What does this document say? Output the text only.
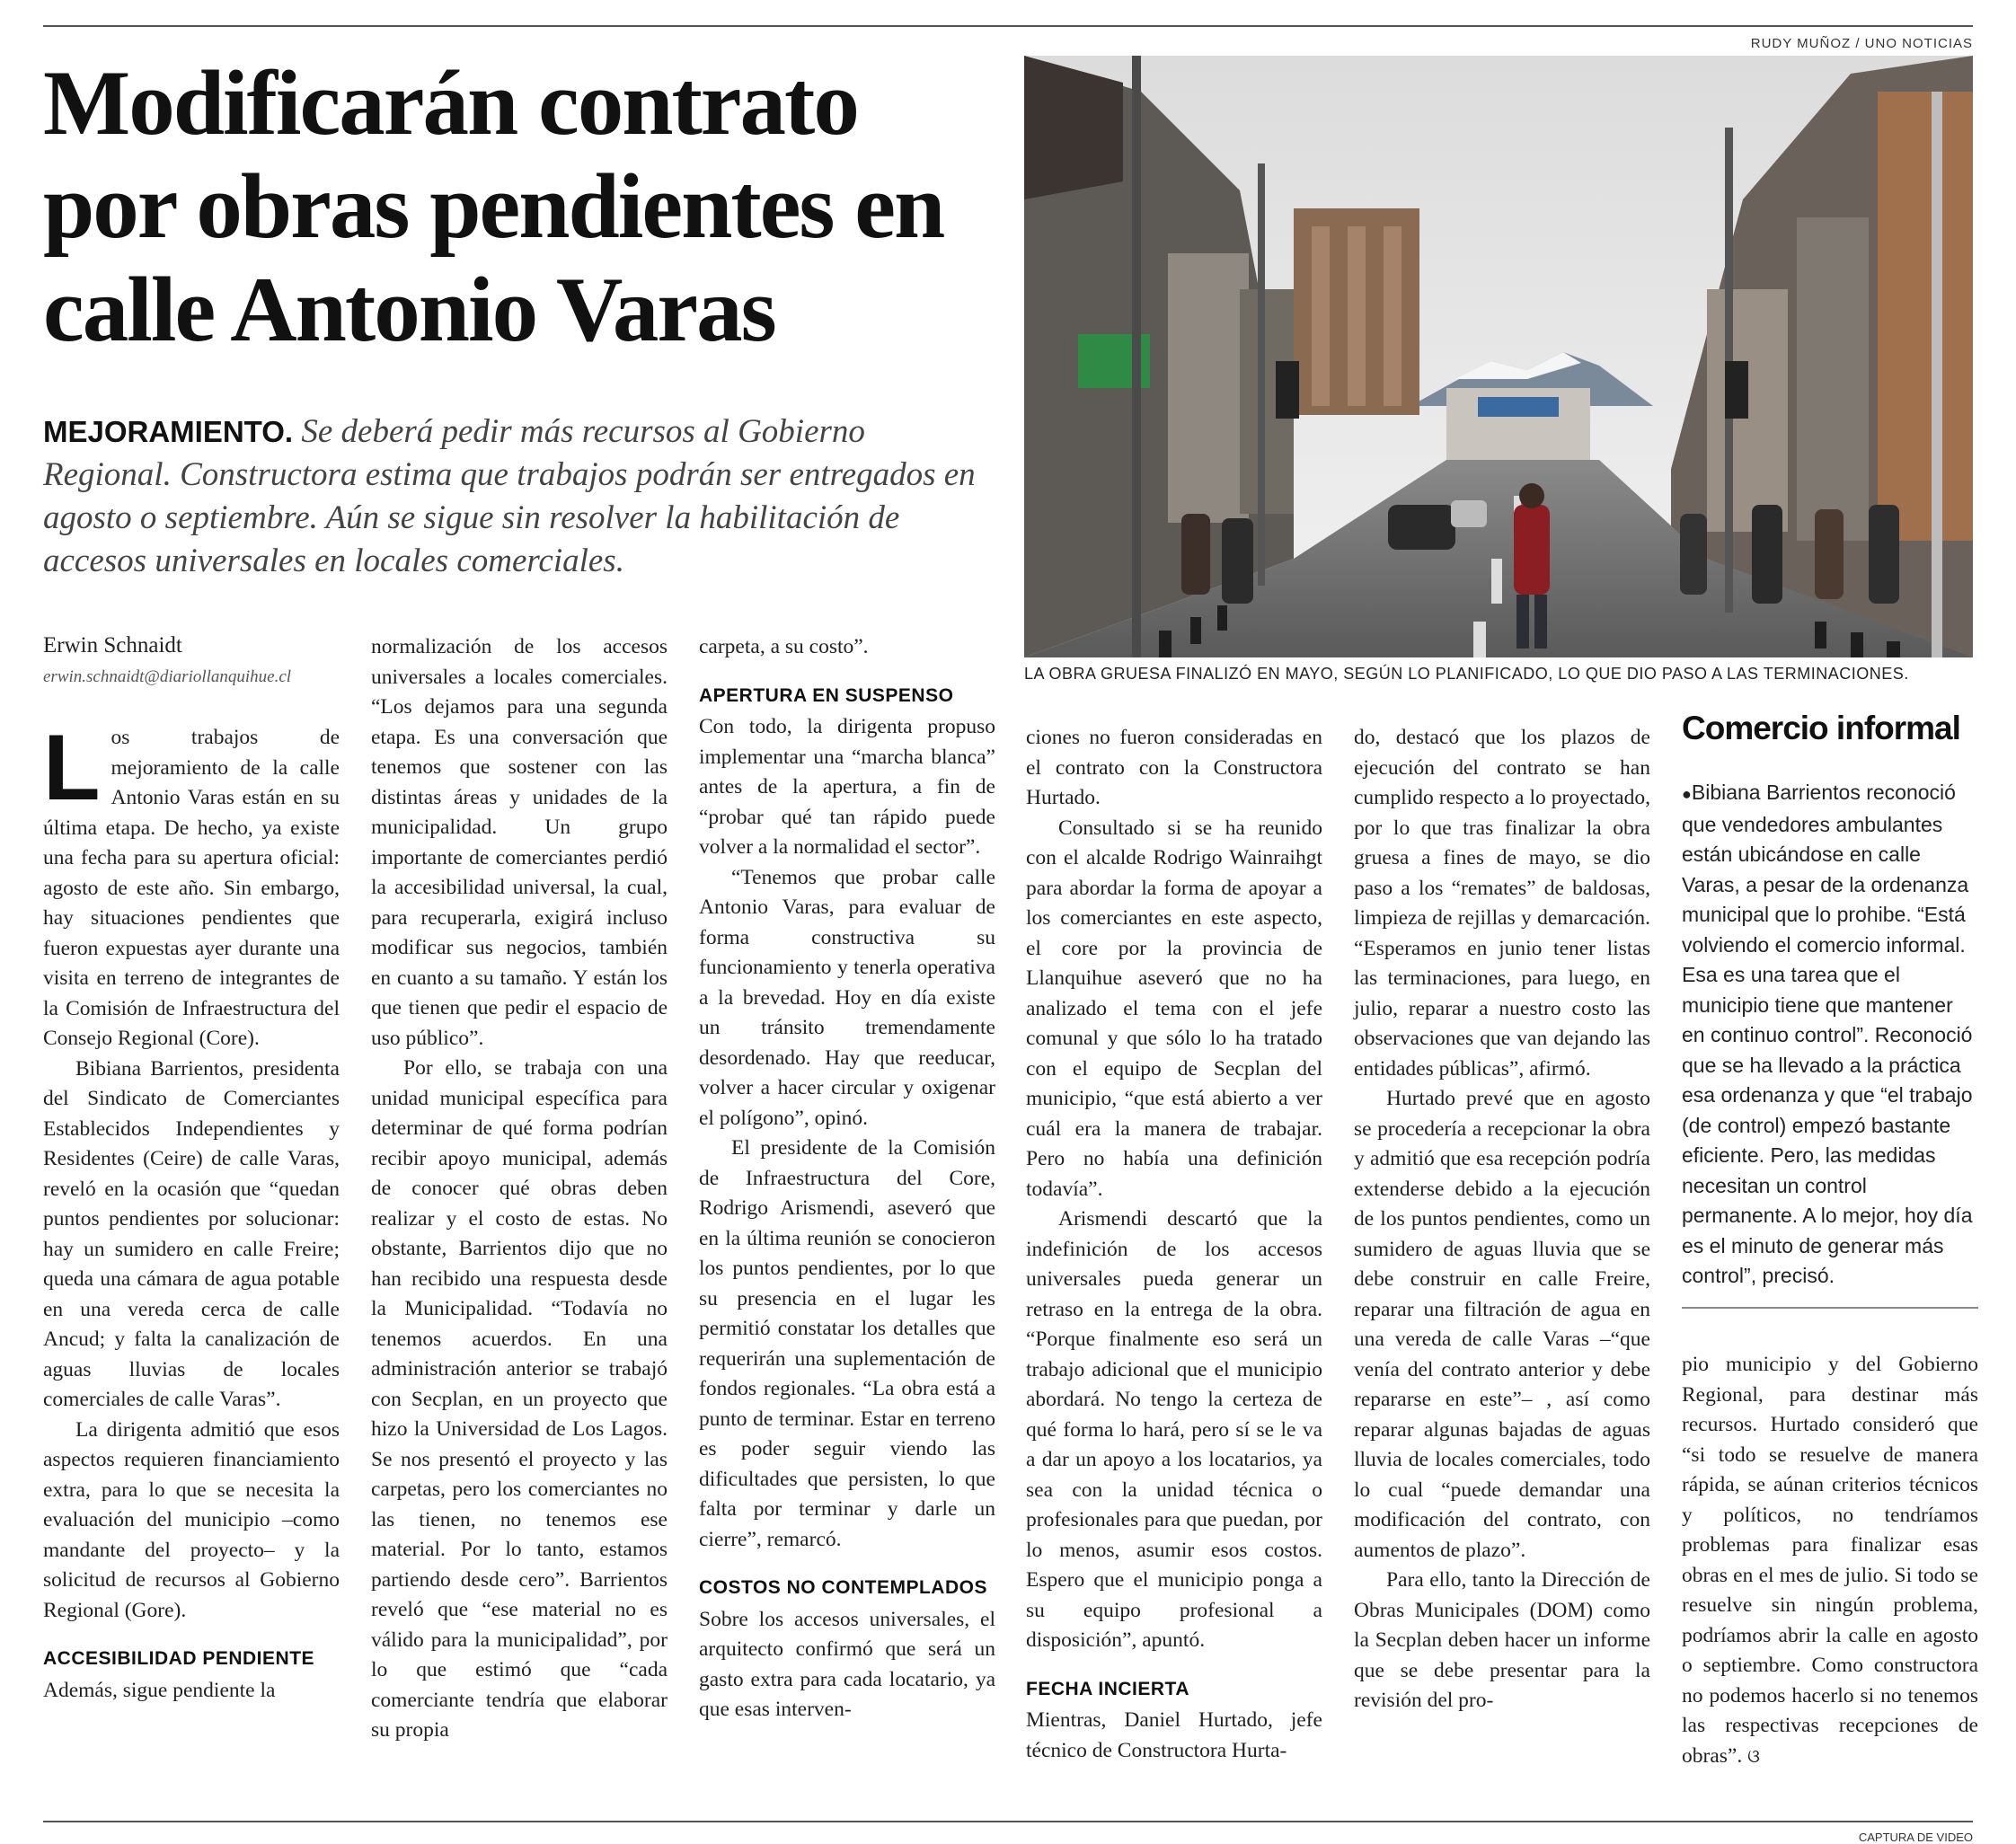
Modificarán contrato por obras pendientes en calle Antonio Varas

MEJORAMIENTO. Se deberá pedir más recursos al Gobierno Regional. Constructora estima que trabajos podrán ser entregados en agosto o septiembre. Aún se sigue sin resolver la habilitación de accesos universales en locales comerciales.

RUDY MUÑOZ / UNO NOTICIAS
LA OBRA GRUESA FINALIZÓ EN MAYO, SEGÚN LO PLANIFICADO, LO QUE DIO PASO A LAS TERMINACIONES.
Erwin Schnaidt
erwin.schnaidt@diariollanquihue.cl

Los trabajos de mejoramiento de la calle Antonio Varas están en su última etapa. De hecho, ya existe una fecha para su apertura oficial: agosto de este año. Sin embargo, hay situaciones pendientes que fueron expuestas ayer durante una visita en terreno de integrantes de la Comisión de Infraestructura del Consejo Regional (Core).

Bibiana Barrientos, presidenta del Sindicato de Comerciantes Establecidos Independientes y Residentes (Ceire) de calle Varas, reveló en la ocasión que “quedan puntos pendientes por solucionar: hay un sumidero en calle Freire; queda una cámara de agua potable en una vereda cerca de calle Ancud; y falta la canalización de aguas lluvias de locales comerciales de calle Varas”.

La dirigenta admitió que esos aspectos requieren financiamiento extra, para lo que se necesita la evaluación del municipio –como mandante del proyecto– y la solicitud de recursos al Gobierno Regional (Gore).

ACCESIBILIDAD PENDIENTE

Además, sigue pendiente la

normalización de los accesos universales a locales comerciales. “Los dejamos para una segunda etapa. Es una conversación que tenemos que sostener con las distintas áreas y unidades de la municipalidad. Un grupo importante de comerciantes perdió la accesibilidad universal, la cual, para recuperarla, exigirá incluso modificar sus negocios, también en cuanto a su tamaño. Y están los que tienen que pedir el espacio de uso público”.

Por ello, se trabaja con una unidad municipal específica para determinar de qué forma podrían recibir apoyo municipal, además de conocer qué obras deben realizar y el costo de estas. No obstante, Barrientos dijo que no han recibido una respuesta desde la Municipalidad. “Todavía no tenemos acuerdos. En una administración anterior se trabajó con Secplan, en un proyecto que hizo la Universidad de Los Lagos. Se nos presentó el proyecto y las carpetas, pero los comerciantes no las tienen, no tenemos ese material. Por lo tanto, estamos partiendo desde cero”. Barrientos reveló que “ese material no es válido para la municipalidad”, por lo que estimó que “cada comerciante tendría que elaborar su propia

carpeta, a su costo”.

APERTURA EN SUSPENSO

Con todo, la dirigenta propuso implementar una “marcha blanca” antes de la apertura, a fin de “probar qué tan rápido puede volver a la normalidad el sector”.

“Tenemos que probar calle Antonio Varas, para evaluar de forma constructiva su funcionamiento y tenerla operativa a la brevedad. Hoy en día existe un tránsito tremendamente desordenado. Hay que reeducar, volver a hacer circular y oxigenar el polígono”, opinó.

El presidente de la Comisión de Infraestructura del Core, Rodrigo Arismendi, aseveró que en la última reunión se conocieron los puntos pendientes, por lo que su presencia en el lugar les permitió constatar los detalles que requerirán una suplementación de fondos regionales. “La obra está a punto de terminar. Estar en terreno es poder seguir viendo las dificultades que persisten, lo que falta por terminar y darle un cierre”, remarcó.

COSTOS NO CONTEMPLADOS

Sobre los accesos universales, el arquitecto confirmó que será un gasto extra para cada locatario, ya que esas interven-

ciones no fueron consideradas en el contrato con la Constructora Hurtado.

Consultado si se ha reunido con el alcalde Rodrigo Wainraihgt para abordar la forma de apoyar a los comerciantes en este aspecto, el core por la provincia de Llanquihue aseveró que no ha analizado el tema con el jefe comunal y que sólo lo ha tratado con el equipo de Secplan del municipio, “que está abierto a ver cuál era la manera de trabajar. Pero no había una definición todavía”.

Arismendi descartó que la indefinición de los accesos universales pueda generar un retraso en la entrega de la obra. “Porque finalmente eso será un trabajo adicional que el municipio abordará. No tengo la certeza de qué forma lo hará, pero sí se le va a dar un apoyo a los locatarios, ya sea con la unidad técnica o profesionales para que puedan, por lo menos, asumir esos costos. Espero que el municipio ponga a su equipo profesional a disposición”, apuntó.

FECHA INCIERTA

Mientras, Daniel Hurtado, jefe técnico de Constructora Hurta-

do, destacó que los plazos de ejecución del contrato se han cumplido respecto a lo proyectado, por lo que tras finalizar la obra gruesa a fines de mayo, se dio paso a los “remates” de baldosas, limpieza de rejillas y demarcación. “Esperamos en junio tener listas las terminaciones, para luego, en julio, reparar a nuestro costo las observaciones que van dejando las entidades públicas”, afirmó.

Hurtado prevé que en agosto se procedería a recepcionar la obra y admitió que esa recepción podría extenderse debido a la ejecución de los puntos pendientes, como un sumidero de aguas lluvia que se debe construir en calle Freire, reparar una filtración de agua en una vereda de calle Varas –“que venía del contrato anterior y debe repararse en este”– , así como reparar algunas bajadas de aguas lluvia de locales comerciales, todo lo cual “puede demandar una modificación del contrato, con aumentos de plazo”.

Para ello, tanto la Dirección de Obras Municipales (DOM) como la Secplan deben hacer un informe que se debe presentar para la revisión del pro-

Comercio informal

●Bibiana Barrientos reconoció que vendedores ambulantes están ubicándose en calle Varas, a pesar de la ordenanza municipal que lo prohibe. “Está volviendo el comercio informal. Esa es una tarea que el municipio tiene que mantener en continuo control”. Reconoció que se ha llevado a la práctica esa ordenanza y que “el trabajo (de control) empezó bastante eficiente. Pero, las medidas necesitan un control permanente. A lo mejor, hoy día es el minuto de generar más control”, precisó.

pio municipio y del Gobierno Regional, para destinar más recursos. Hurtado consideró que “si todo se resuelve de manera rápida, se aúnan criterios técnicos y políticos, no tendríamos problemas para finalizar esas obras en el mes de julio. Si todo se resuelve sin ningún problema, podríamos abrir la calle en agosto o septiembre. Como constructora no podemos hacerlo si no tenemos las respectivas recepciones de obras”. ଓ

CAPTURA DE VIDEO
